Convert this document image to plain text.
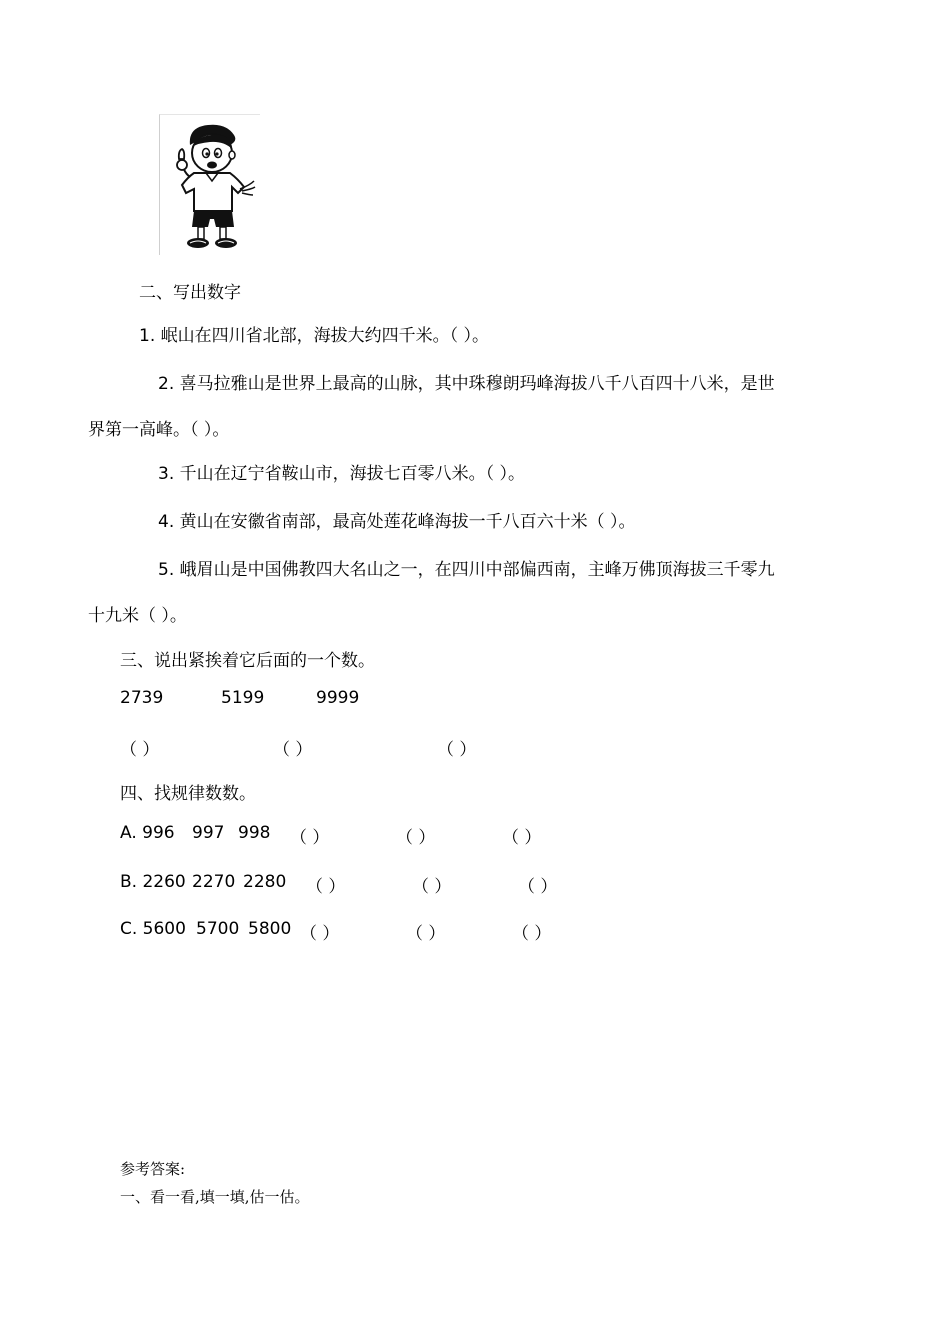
二、写出数字
1. 岷山在四川省北部，海拔大约四千米。（ ）。
2. 喜马拉雅山是世界上最高的山脉，其中珠穆朗玛峰海拔八千八百四十八米，是世
界第一高峰。（ ）。
3. 千山在辽宁省鞍山市，海拔七百零八米。（ ）。
4. 黄山在安徽省南部，最高处莲花峰海拔一千八百六十米（ ）。
5. 峨眉山是中国佛教四大名山之一，在四川中部偏西南，主峰万佛顶海拔三千零九
十九米（ ）。
三、说出紧挨着它后面的一个数。
2739	5199	9999
（ ）	（ ）	（ ）
四、找规律数数。
A. 996 997 998 （ ）	（ ）	（ ）
B. 2260 2270 2280 （ ）	（ ）	（ ）
C. 5600 5700 5800 （ ）	（ ）	（ ）
参考答案:
一、看一看,填一填,估一估。
